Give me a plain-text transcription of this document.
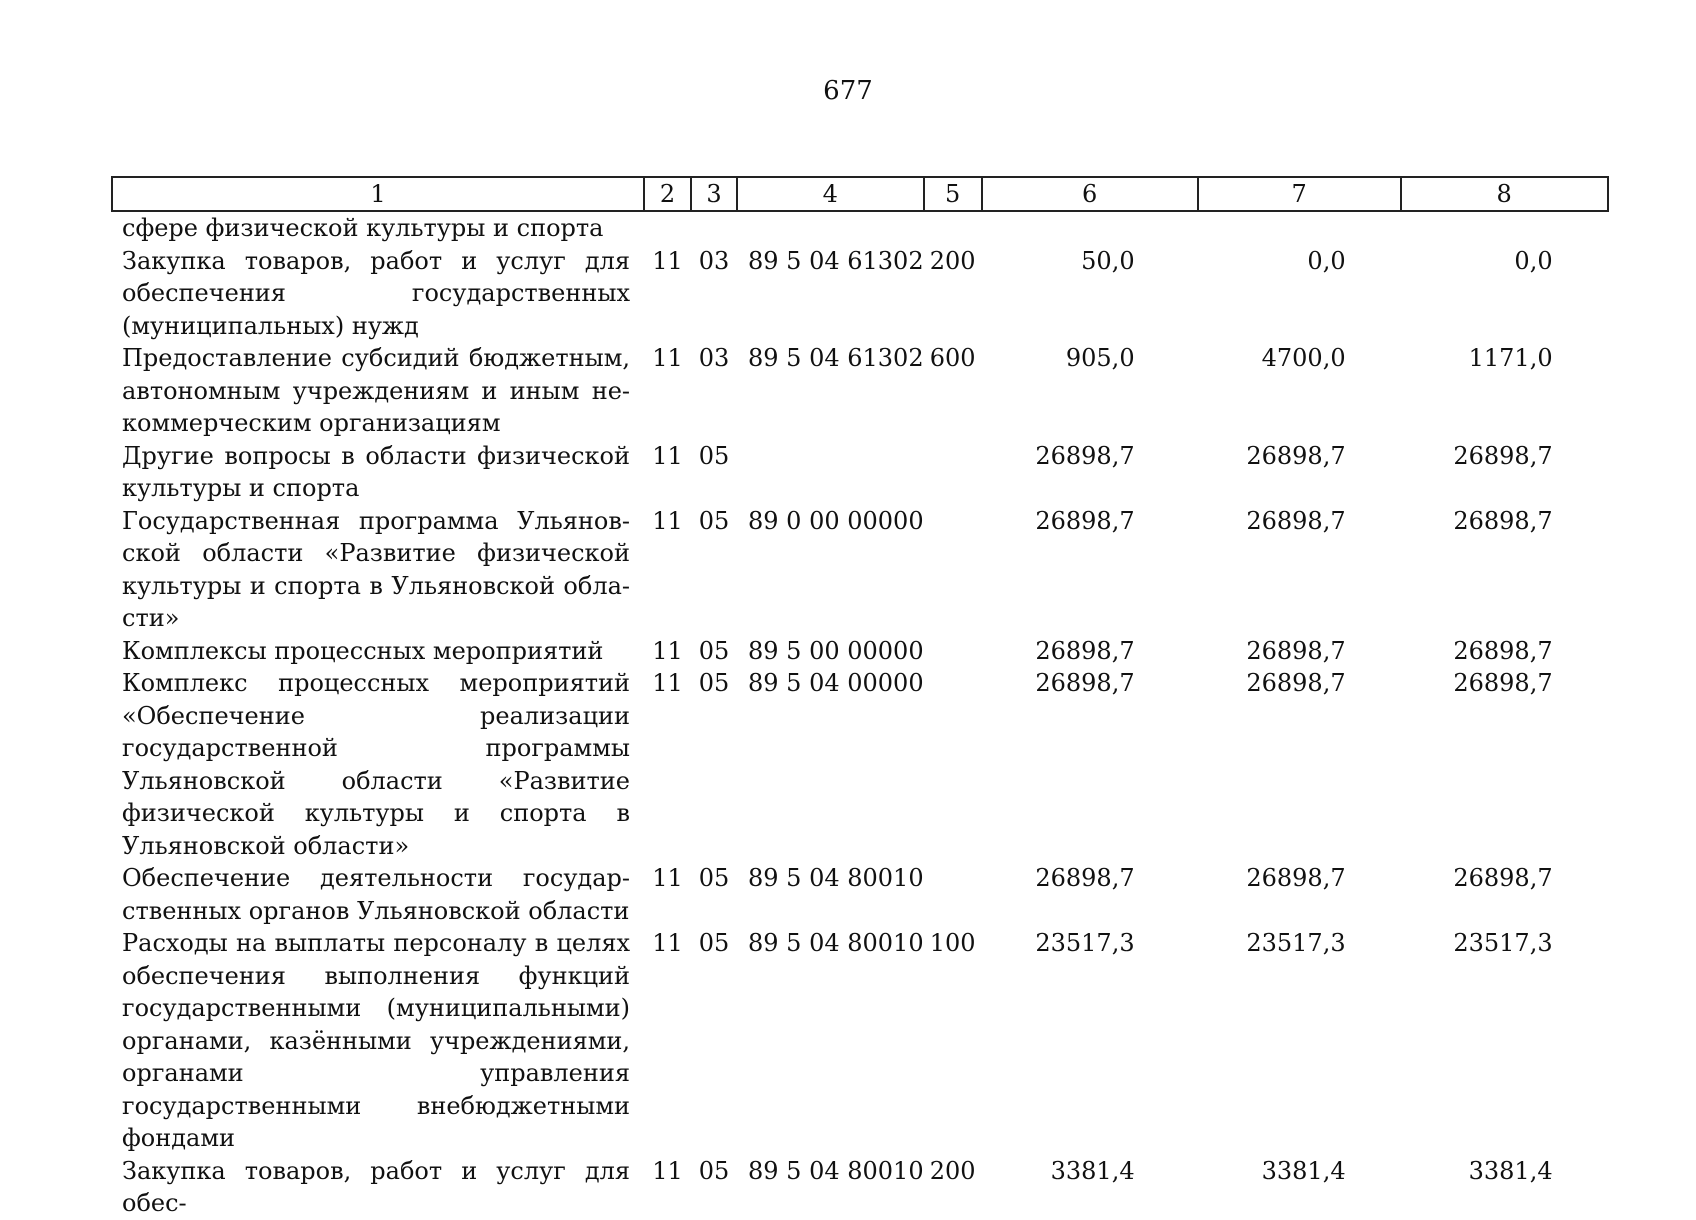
677
1	2	3	4	5	6	7	8
сфере физической культуры и спорта							
Закупка товаров, работ и услуг для обеспечения государственных (муниципальных) нужд	11	03	89 5 04 61302	200	50,0	0,0	0,0
Предоставление субсидий бюджетным, автономным учреждениям и иным некоммерческим организациям	11	03	89 5 04 61302	600	905,0	4700,0	1171,0
Другие вопросы в области физической культуры и спорта	11	05			26898,7	26898,7	26898,7
Государственная программа Ульяновской области «Развитие физической культуры и спорта в Ульяновской области»	11	05	89 0 00 00000		26898,7	26898,7	26898,7
Комплексы процессных мероприятий	11	05	89 5 00 00000		26898,7	26898,7	26898,7
Комплекс процессных мероприятий «Обеспечение реализации государственной программы Ульяновской области «Развитие физической культуры и спорта в Ульяновской области»	11	05	89 5 04 00000		26898,7	26898,7	26898,7
Обеспечение деятельности государственных органов Ульяновской области	11	05	89 5 04 80010		26898,7	26898,7	26898,7
Расходы на выплаты персоналу в целях обеспечения выполнения функций государственными (муниципальными) органами, казёнными учреждениями, органами управления государственными внебюджетными фондами	11	05	89 5 04 80010	100	23517,3	23517,3	23517,3
Закупка товаров, работ и услуг для обес-	11	05	89 5 04 80010	200	3381,4	3381,4	3381,4
